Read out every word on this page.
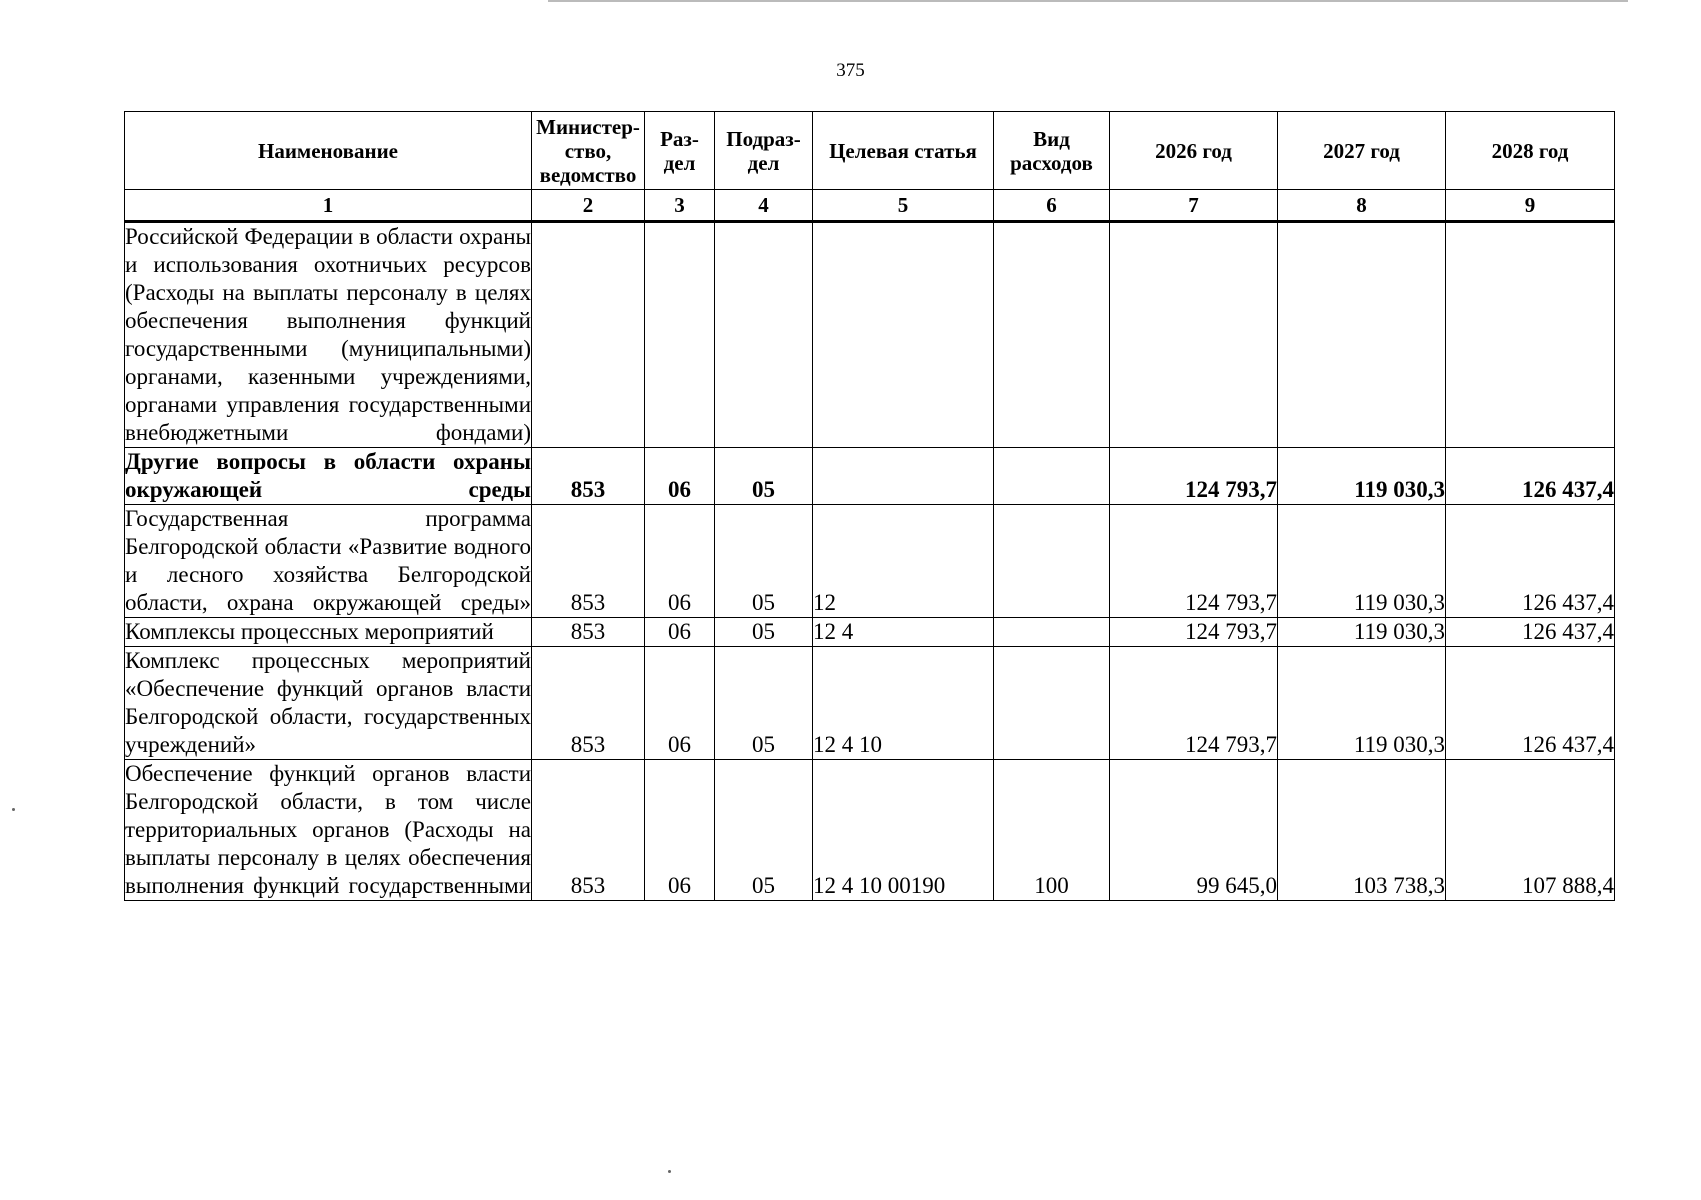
375
Наименование	Министер-ство, ведомство	Раз-дел	Подраз-дел	Целевая статья	Вид расходов	2026 год	2027 год	2028 год
1	2	3	4	5	6	7	8	9
Российской Федерации в области охраны и использования охотничьих ресурсов (Расходы на выплаты персоналу в целях обеспечения выполнения функций государственными (муниципальными) органами, казенными учреждениями, органами управления государственными внебюджетными фондами)								
Другие вопросы в области охраны окружающей среды	853	06	05			124 793,7	119 030,3	126 437,4
Государственная программа Белгородской области «Развитие водного и лесного хозяйства Белгородской области, охрана окружающей среды»	853	06	05	12		124 793,7	119 030,3	126 437,4
Комплексы процессных мероприятий	853	06	05	12 4		124 793,7	119 030,3	126 437,4
Комплекс процессных мероприятий «Обеспечение функций органов власти Белгородской области, государственных учреждений»	853	06	05	12 4 10		124 793,7	119 030,3	126 437,4
Обеспечение функций органов власти Белгородской области, в том числе территориальных органов (Расходы на выплаты персоналу в целях обеспечения выполнения функций государственными	853	06	05	12 4 10 00190	100	99 645,0	103 738,3	107 888,4
